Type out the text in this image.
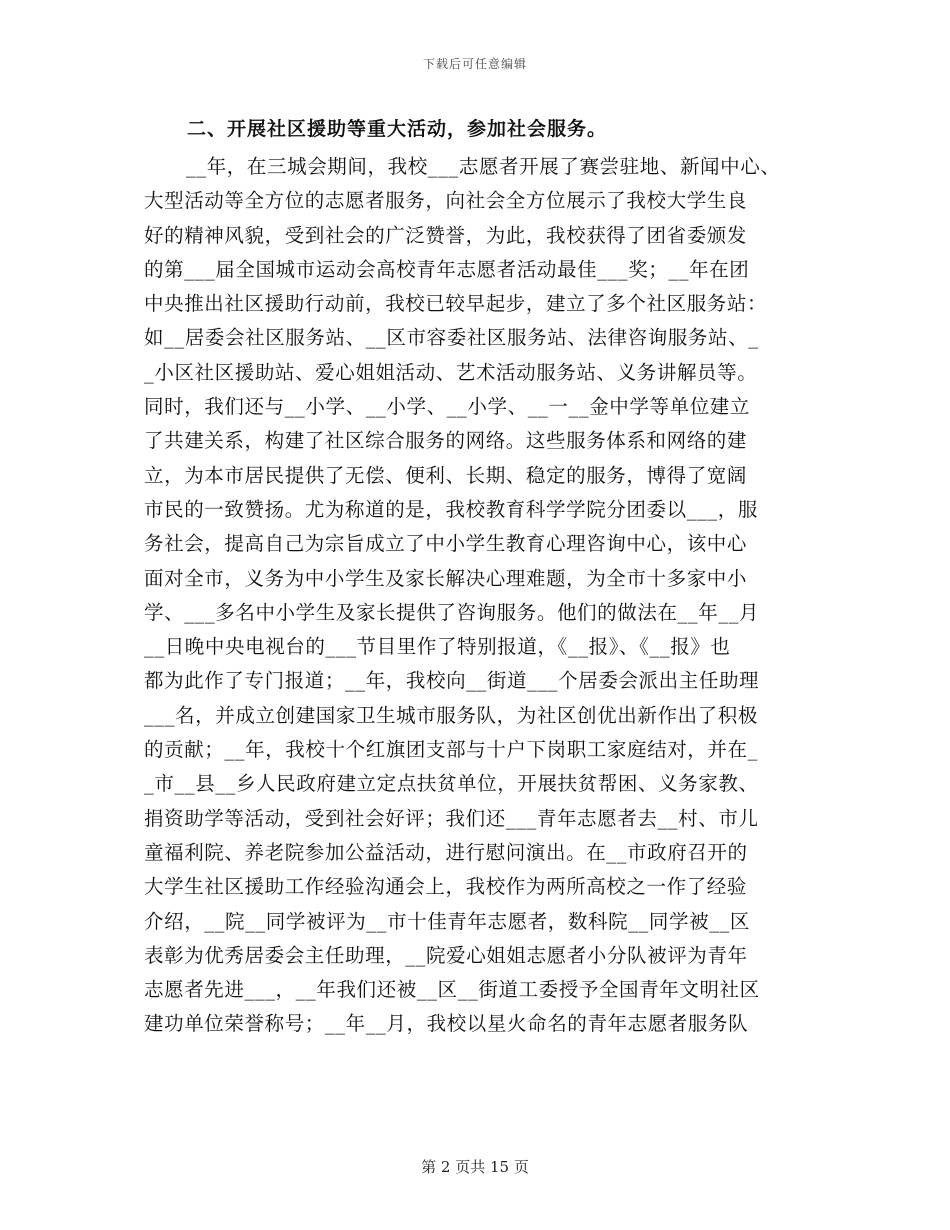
下载后可任意编辑
二、开展社区援助等重大活动，参加社会服务。
__年，在三城会期间，我校___志愿者开展了赛尝驻地、新闻中心、
大型活动等全方位的志愿者服务，向社会全方位展示了我校大学生良
好的精神风貌，受到社会的广泛赞誉，为此，我校获得了团省委颁发
的第___届全国城市运动会高校青年志愿者活动最佳___奖；__年在团
中央推出社区援助行动前，我校已较早起步，建立了多个社区服务站：
如__居委会社区服务站、__区市容委社区服务站、法律咨询服务站、_
_小区社区援助站、爱心姐姐活动、艺术活动服务站、义务讲解员等。
同时，我们还与__小学、__小学、__小学、__一__金中学等单位建立
了共建关系，构建了社区综合服务的网络。这些服务体系和网络的建
立，为本市居民提供了无偿、便利、长期、稳定的服务，博得了宽阔
市民的一致赞扬。尤为称道的是，我校教育科学学院分团委以___，服
务社会，提高自己为宗旨成立了中小学生教育心理咨询中心，该中心
面对全市，义务为中小学生及家长解决心理难题，为全市十多家中小
学、___多名中小学生及家长提供了咨询服务。他们的做法在__年__月
__日晚中央电视台的___节目里作了特别报道，《__报》、《__报》也
都为此作了专门报道；__年，我校向__街道___个居委会派出主任助理
___名，并成立创建国家卫生城市服务队，为社区创优出新作出了积极
的贡献；__年，我校十个红旗团支部与十户下岗职工家庭结对，并在_
_市__县__乡人民政府建立定点扶贫单位，开展扶贫帮困、义务家教、
捐资助学等活动，受到社会好评；我们还___青年志愿者去__村、市儿
童福利院、养老院参加公益活动，进行慰问演出。在__市政府召开的
大学生社区援助工作经验沟通会上，我校作为两所高校之一作了经验
介绍，__院__同学被评为__市十佳青年志愿者，数科院__同学被__区
表彰为优秀居委会主任助理，__院爱心姐姐志愿者小分队被评为青年
志愿者先进___，__年我们还被__区__街道工委授予全国青年文明社区
建功单位荣誉称号；__年__月，我校以星火命名的青年志愿者服务队
第 2 页共 15 页
